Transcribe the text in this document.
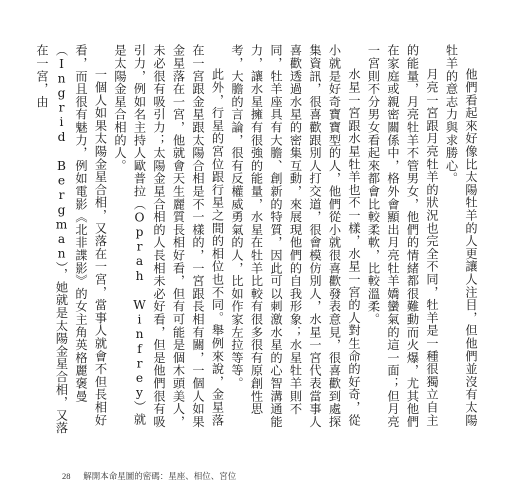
他們看起來好像比太陽牡羊的人更讓人注目，但他們並沒有太陽牡羊的意志力與求勝心。

月亮一宮跟月亮牡羊的狀況也完全不同，牡羊是一種很獨立自主的能量，月亮牡羊不管男女，他們的情緒都很難動而火爆，尤其他們在家庭或親密關係中，格外會顯出月亮牡羊嬌蠻氣的這一面；但月亮一宮則不分男女看起來都會比較柔軟，比較溫柔。

水星一宮跟水星牡羊也不一樣，水星一宮的人對生命的好奇，從小就是好奇寶寶型的人，他們從小就很喜歡發表意見，很喜歡到處探集資訊，很喜歡跟別人打交道，很會模仿別人，水星一宮代表當事人喜歡透過水星的密集互動，來展現他們的自我形象；水星牡羊則不同，牡羊座具有大膽、創新的特質，因此可以刺激水星的心智溝通能力，讓水星擁有很強的能量，水星在牡羊比較有很多很有原創性思考，大膽的言論，很有反權威勇氣的人，比如作家左拉等等。

此外，行星的宮位跟行星之間的相位也不同。舉例來說，金星落在一宮跟金星跟太陽合相是不一樣的，一宮跟長相有關，一個人如果金星落在一宮，他就會天生麗質長相好看，但有可能是個木頭美人，未必很有吸引力；太陽金星合相的人長相未必好看，但是他們很有吸引力，例如名主持人歐普拉（Oprah Winfrey）就是太陽金星合相的人。

一個人如果太陽金星合相，又落在一宮，當事人就會不但長相好看，而且很有魅力，例如電影《北非諜影》的女主角英格麗褒曼（Ingrid Bergman），她就是太陽金星合相，又落在一宮，由

28 解開本命星圖的密碼：星座、相位、宮位
